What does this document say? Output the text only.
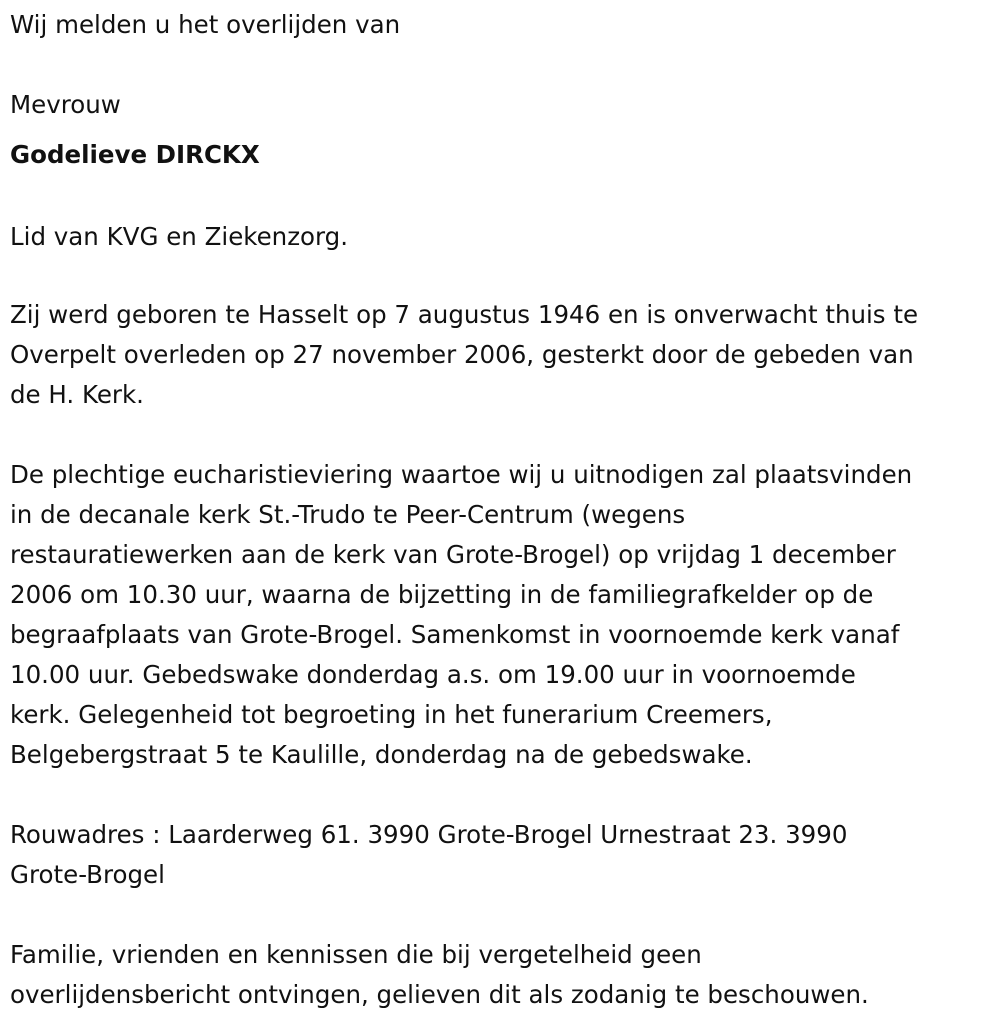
Wij melden u het overlijden van
Mevrouw
Godelieve DIRCKX
Lid van KVG en Ziekenzorg.
Zij werd geboren te Hasselt op 7 augustus 1946 en is onverwacht thuis te
Overpelt overleden op 27 november 2006, gesterkt door de gebeden van
de H. Kerk.
De plechtige eucharistieviering waartoe wij u uitnodigen zal plaatsvinden
in de decanale kerk St.-Trudo te Peer-Centrum (wegens
restauratiewerken aan de kerk van Grote-Brogel) op vrijdag 1 december
2006 om 10.30 uur, waarna de bijzetting in de familiegrafkelder op de
begraafplaats van Grote-Brogel. Samenkomst in voornoemde kerk vanaf
10.00 uur. Gebedswake donderdag a.s. om 19.00 uur in voornoemde
kerk. Gelegenheid tot begroeting in het funerarium Creemers,
Belgebergstraat 5 te Kaulille, donderdag na de gebedswake.
Rouwadres : Laarderweg 61. 3990 Grote-Brogel Urnestraat 23. 3990
Grote-Brogel
Familie, vrienden en kennissen die bij vergetelheid geen
overlijdensbericht ontvingen, gelieven dit als zodanig te beschouwen.
